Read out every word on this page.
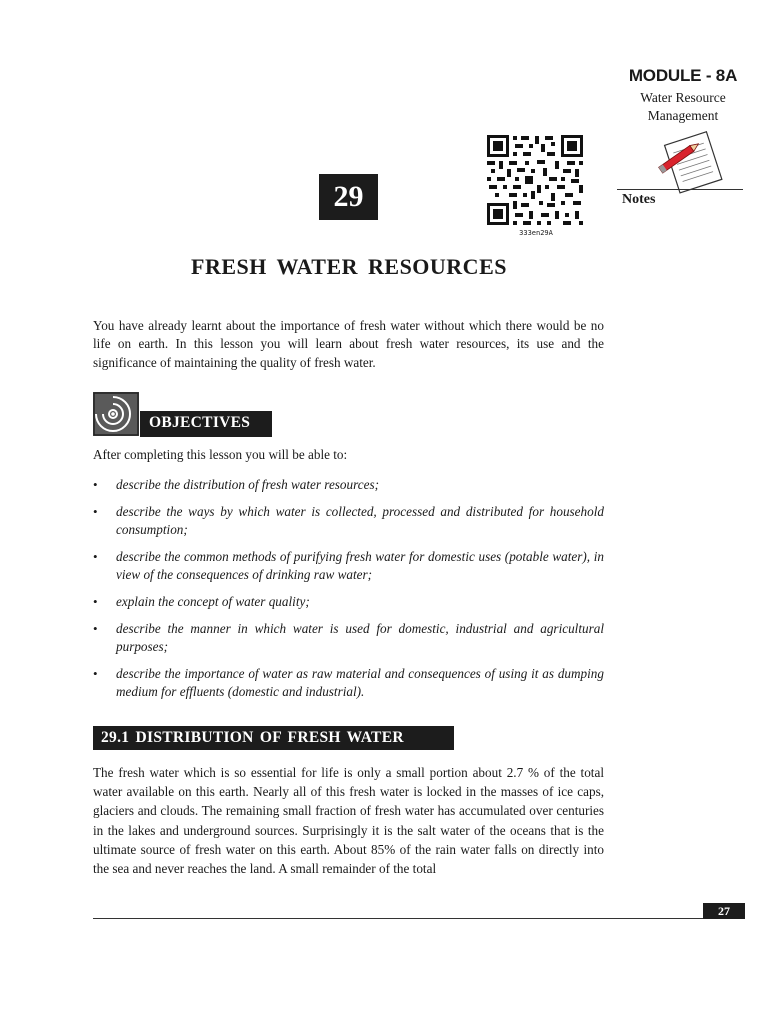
MODULE - 8A
Water Resource
Management
Notes
29
333en29A
FRESH WATER RESOURCES

You have already learnt about the importance of fresh water without which there would be no life on earth. In this lesson you will learn about fresh water resources, its use and the significance of maintaining the quality of fresh water.

OBJECTIVES
After completing this lesson you will be able to:
• describe the distribution of fresh water resources;
• describe the ways by which water is collected, processed and distributed for household consumption;
• describe the common methods of purifying fresh water for domestic uses (potable water), in view of the consequences of drinking raw water;
• explain the concept of water quality;
• describe the manner in which water is used for domestic, industrial and agricultural purposes;
• describe the importance of water as raw material and consequences of using it as dumping medium for effluents (domestic and industrial).
29.1 DISTRIBUTION OF FRESH WATER

The fresh water which is so essential for life is only a small portion about 2.7 % of the total water available on this earth. Nearly all of this fresh water is locked in the masses of ice caps, glaciers and clouds. The remaining small fraction of fresh water has accumulated over centuries in the lakes and underground sources. Surprisingly it is the salt water of the oceans that is the ultimate source of fresh water on this earth. About 85% of the rain water falls on directly into the sea and never reaches the land. A small remainder of the total

27
